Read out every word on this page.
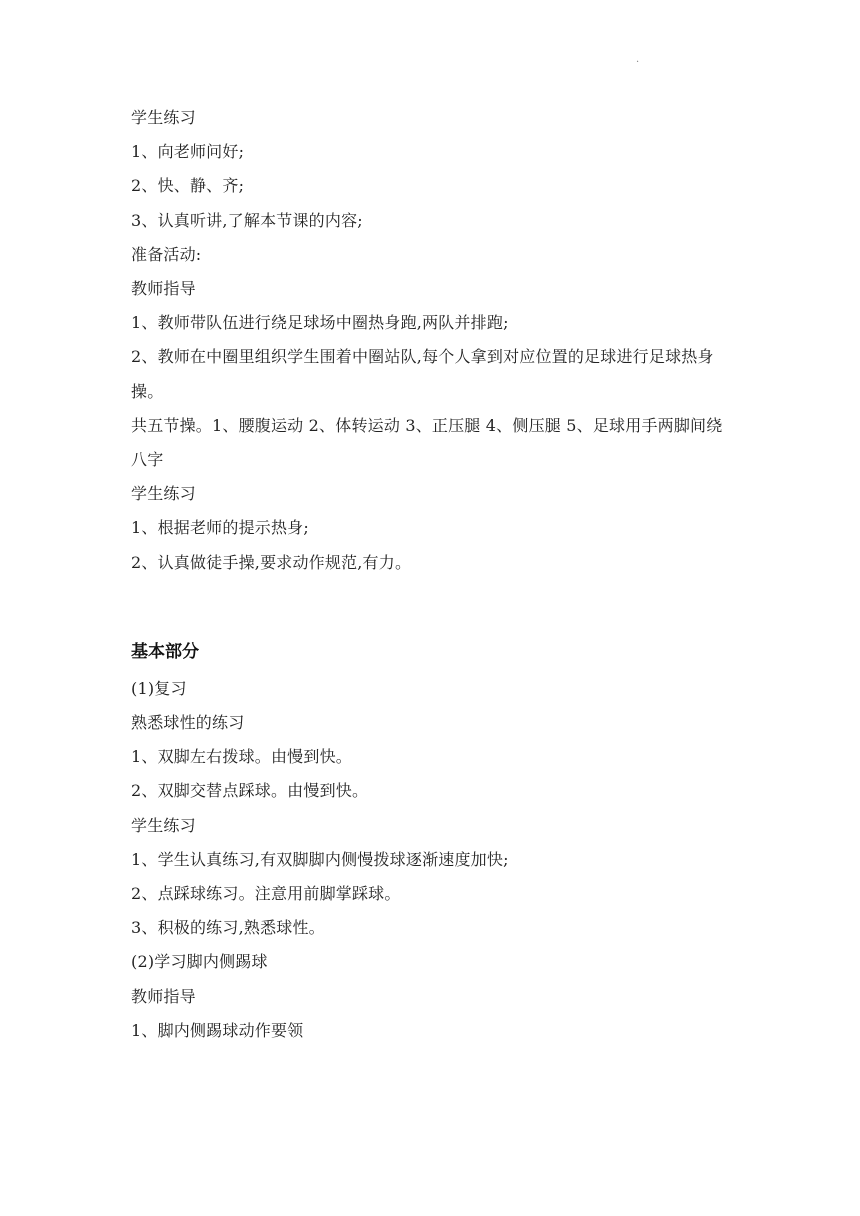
·
学生练习
1、向老师问好;
2、快、静、齐;
3、认真听讲,了解本节课的内容;
准备活动:
教师指导
1、教师带队伍进行绕足球场中圈热身跑,两队并排跑;
2、教师在中圈里组织学生围着中圈站队,每个人拿到对应位置的足球进行足球热身操。
共五节操。1、腰腹运动 2、体转运动 3、正压腿 4、侧压腿 5、足球用手两脚间绕八字
学生练习
1、根据老师的提示热身;
2、认真做徒手操,要求动作规范,有力。
基本部分
(1)复习
熟悉球性的练习
1、双脚左右拨球。由慢到快。
2、双脚交替点踩球。由慢到快。
学生练习
1、学生认真练习,有双脚脚内侧慢拨球逐渐速度加快;
2、点踩球练习。注意用前脚掌踩球。
3、积极的练习,熟悉球性。
(2)学习脚内侧踢球
教师指导
1、脚内侧踢球动作要领
